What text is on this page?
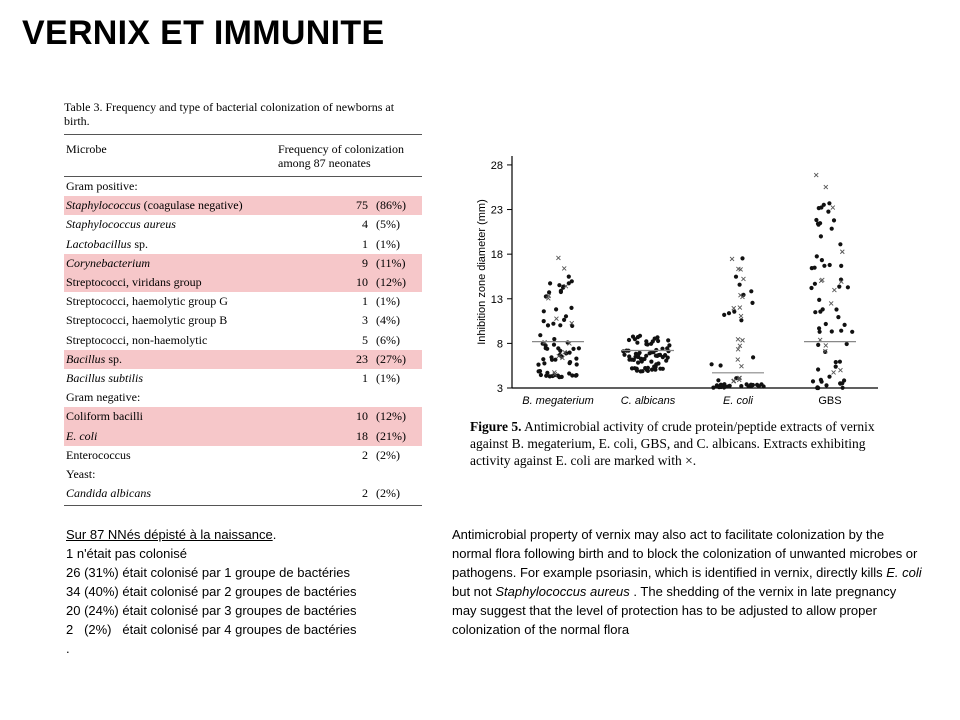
VERNIX ET IMMUNITE
Table 3. Frequency and type of bacterial colonization of newborns at birth.
Microbe	Frequency of colonization among 87 neonates
Gram positive:
Staphylococcus (coagulase negative)	75 (86%)
Staphylococcus aureus	4 (5%)
Lactobacillus sp.	1 (1%)
Corynebacterium	9 (11%)
Streptococci, viridans group	10 (12%)
Streptococci, haemolytic group G	1 (1%)
Streptococci, haemolytic group B	3 (4%)
Streptococci, non-haemolytic	5 (6%)
Bacillus sp.	23 (27%)
Bacillus subtilis	1 (1%)
Gram negative:
Coliform bacilli	10 (12%)
E. coli	18 (21%)
Enterococcus	2 (2%)
Yeast:
Candida albicans	2 (2%)
3
8
13
18
23
28
Inhibition zone diameter (mm)
B. megaterium C. albicans	E. coli	GBS
Figure 5. Antimicrobial activity of crude protein/peptide extracts of vernix against B. megaterium, E. coli, GBS, and C. albicans. Extracts exhibiting activity against E. coli are marked with ×.
Sur 87 NNés dépisté à la naissance.
1 n'était pas colonisé
26 (31%) était colonisé par 1 groupe de bactéries
34 (40%) était colonisé par 2 groupes de bactéries
20 (24%) était colonisé par 3 groupes de bactéries
2   (2%)   était colonisé par 4 groupes de bactéries
.

Antimicrobial property of vernix may also act to facilitate colonization by the normal flora following birth and to block the colonization of unwanted microbes or pathogens. For example psoriasin, which is identified in vernix, directly kills E. coli but not Staphylococcus aureus . The shedding of the vernix in late pregnancy may suggest that the level of protection has to be adjusted to allow proper colonization of the normal flora
